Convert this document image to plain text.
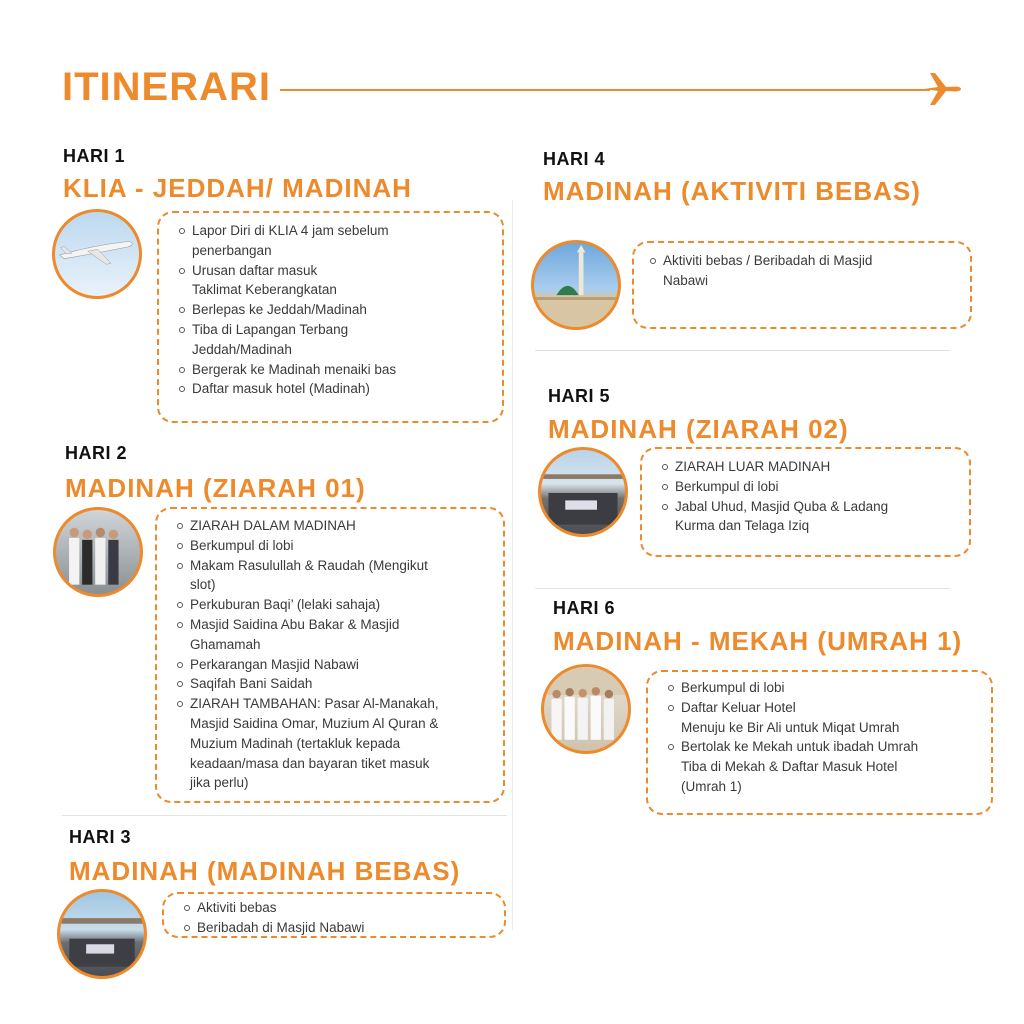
ITINERARI
HARI 1
KLIA - JEDDAH/ MADINAH
Lapor Diri di KLIA 4 jam sebelum
penerbangan
Urusan daftar masuk
Taklimat Keberangkatan
Berlepas ke Jeddah/Madinah
Tiba di Lapangan Terbang
Jeddah/Madinah
Bergerak ke Madinah menaiki bas
Daftar masuk hotel (Madinah)
HARI 2
MADINAH (ZIARAH 01)
ZIARAH DALAM MADINAH
Berkumpul di lobi
Makam Rasulullah & Raudah (Mengikut
slot)
Perkuburan Baqi’ (lelaki sahaja)
Masjid Saidina Abu Bakar & Masjid
Ghamamah
Perkarangan Masjid Nabawi
Saqifah Bani Saidah
ZIARAH TAMBAHAN: Pasar Al-Manakah,
Masjid Saidina Omar, Muzium Al Quran &
Muzium Madinah (tertakluk kepada
keadaan/masa dan bayaran tiket masuk
jika perlu)
HARI 3
MADINAH (MADINAH BEBAS)
Aktiviti bebas
Beribadah di Masjid Nabawi
HARI 4
MADINAH (AKTIVITI BEBAS)
Aktiviti bebas / Beribadah di Masjid
Nabawi
HARI 5
MADINAH (ZIARAH 02)
ZIARAH LUAR MADINAH
Berkumpul di lobi
Jabal Uhud, Masjid Quba & Ladang
Kurma dan Telaga Iziq
HARI 6
MADINAH - MEKAH (UMRAH 1)
Berkumpul di lobi
Daftar Keluar Hotel
Menuju ke Bir Ali untuk Miqat Umrah
Bertolak ke Mekah untuk ibadah Umrah
Tiba di Mekah & Daftar Masuk Hotel
(Umrah 1)
